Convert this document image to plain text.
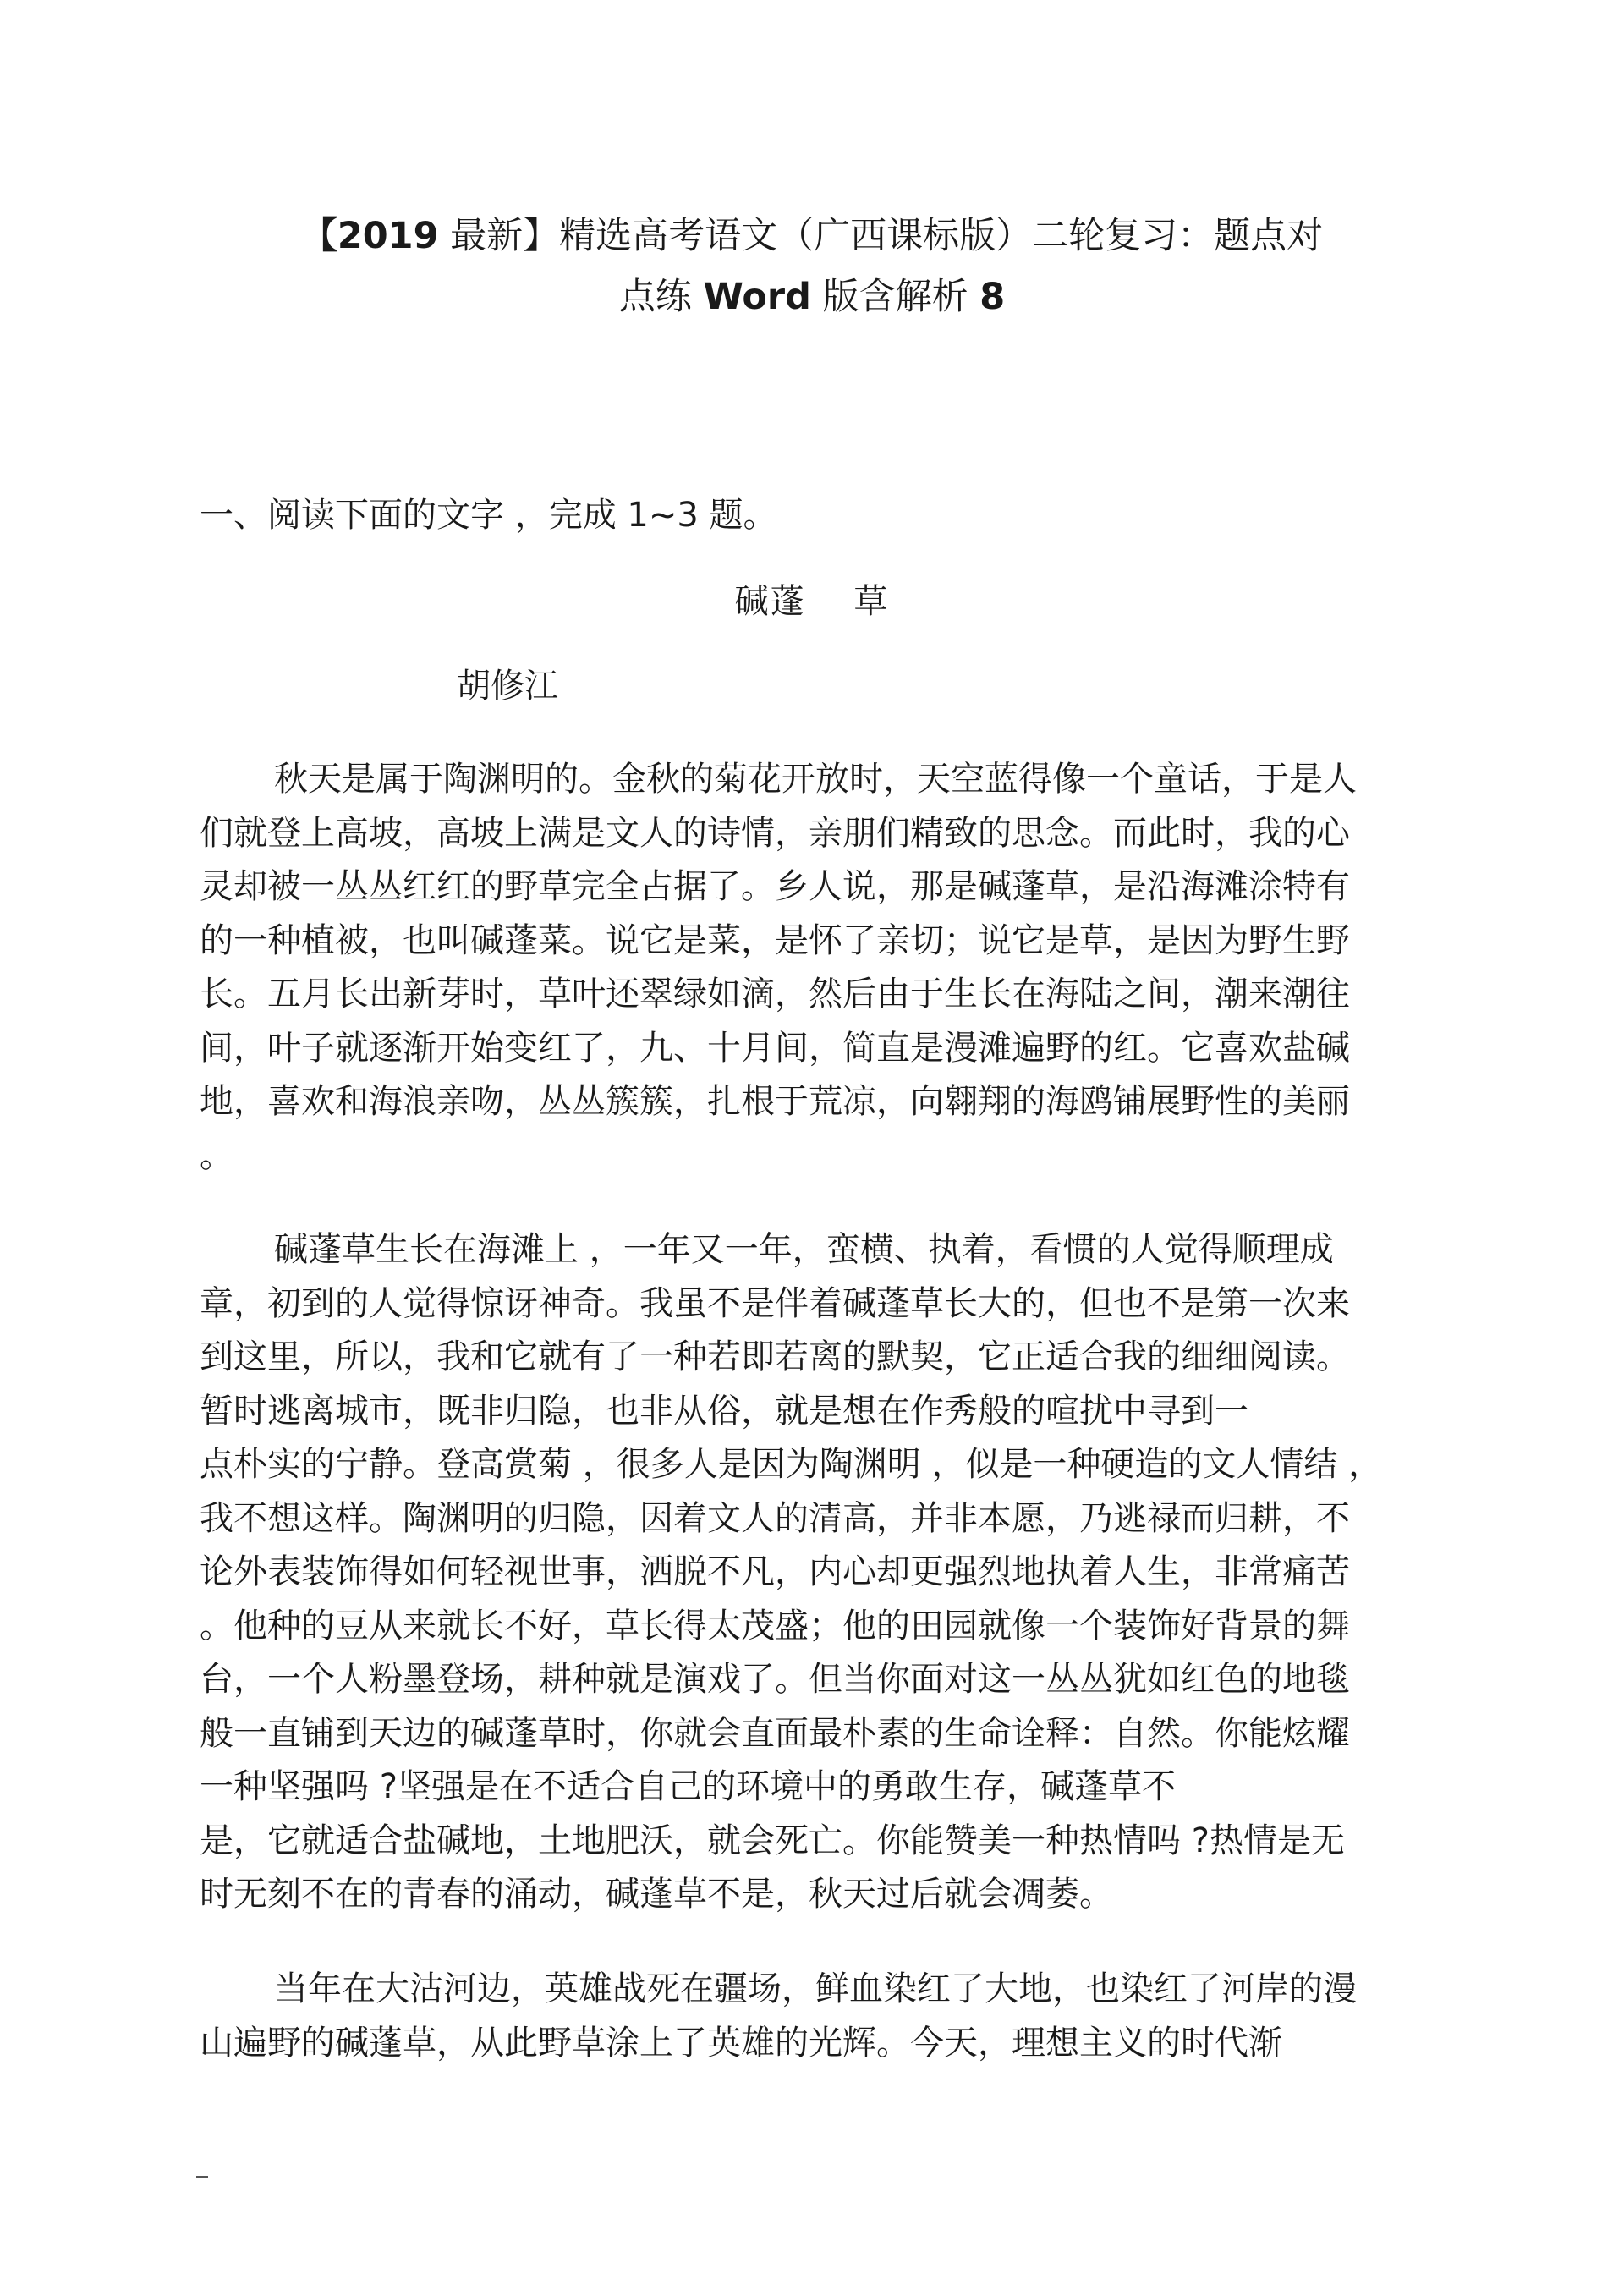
【2019 最新】精选高考语文（广西课标版）二轮复习：题点对
点练 Word 版含解析 8
一、阅读下面的文字 ，完成 1~3 题。
碱蓬　 草
胡修江
秋天是属于陶渊明的。金秋的菊花开放时，天空蓝得像一个童话，于是人
们就登上高坡，高坡上满是文人的诗情，亲朋们精致的思念。而此时，我的心
灵却被一丛丛红红的野草完全占据了。乡人说，那是碱蓬草，是沿海滩涂特有
的一种植被，也叫碱蓬菜。说它是菜，是怀了亲切；说它是草，是因为野生野
长。五月长出新芽时，草叶还翠绿如滴，然后由于生长在海陆之间，潮来潮往
间，叶子就逐渐开始变红了，九、十月间，简直是漫滩遍野的红。它喜欢盐碱
地，喜欢和海浪亲吻，丛丛簇簇，扎根于荒凉，向翱翔的海鸥铺展野性的美丽
。
碱蓬草生长在海滩上 ，一年又一年，蛮横、执着，看惯的人觉得顺理成
章，初到的人觉得惊讶神奇。我虽不是伴着碱蓬草长大的，但也不是第一次来
到这里，所以，我和它就有了一种若即若离的默契，它正适合我的细细阅读。
暂时逃离城市，既非归隐，也非从俗，就是想在作秀般的喧扰中寻到一
点朴实的宁静。登高赏菊 ，很多人是因为陶渊明 ，似是一种硬造的文人情结 ，
我不想这样。陶渊明的归隐，因着文人的清高，并非本愿，乃逃禄而归耕，不
论外表装饰得如何轻视世事，洒脱不凡，内心却更强烈地执着人生，非常痛苦
。他种的豆从来就长不好，草长得太茂盛；他的田园就像一个装饰好背景的舞
台，一个人粉墨登场，耕种就是演戏了。但当你面对这一丛丛犹如红色的地毯
般一直铺到天边的碱蓬草时，你就会直面最朴素的生命诠释：自然。你能炫耀
一种坚强吗 ?坚强是在不适合自己的环境中的勇敢生存，碱蓬草不
是，它就适合盐碱地，土地肥沃，就会死亡。你能赞美一种热情吗 ?热情是无
时无刻不在的青春的涌动，碱蓬草不是，秋天过后就会凋萎。
当年在大沽河边，英雄战死在疆场，鲜血染红了大地，也染红了河岸的漫
山遍野的碱蓬草，从此野草涂上了英雄的光辉。今天，理想主义的时代渐
